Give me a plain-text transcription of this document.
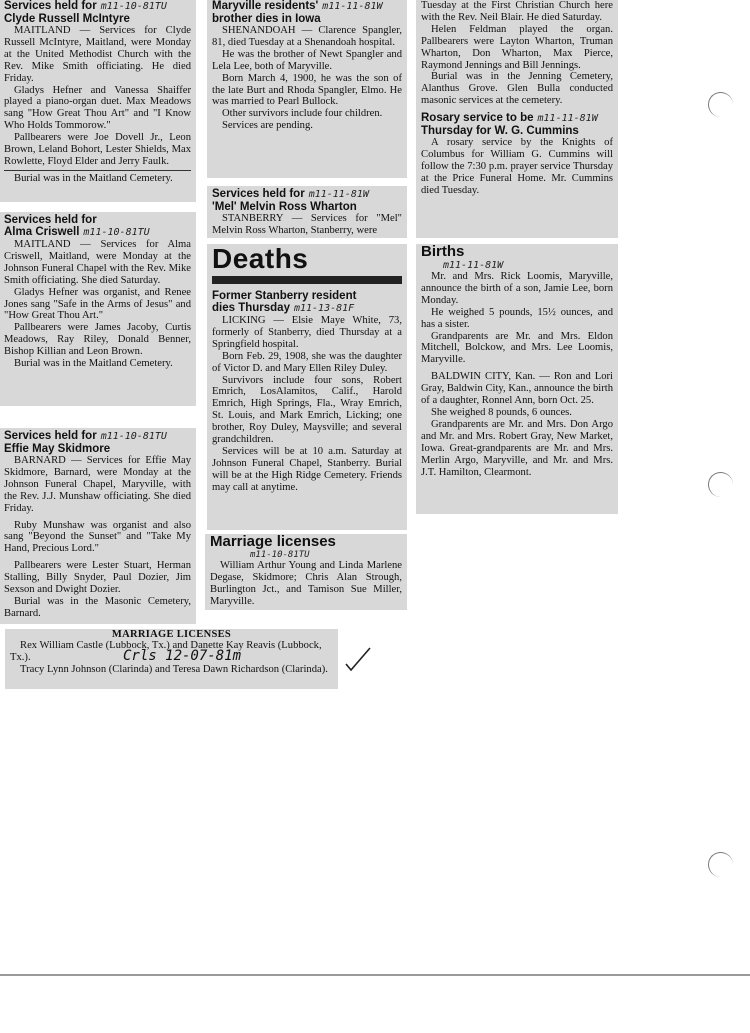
Services held for m11-10-81TU
Clyde Russell McIntyre

MAITLAND — Services for Clyde Russell McIntyre, Maitland, were Monday at the United Methodist Church with the Rev. Mike Smith officiating. He died Friday.

Gladys Hefner and Vanessa Shaiffer played a piano-organ duet. Max Meadows sang "How Great Thou Art" and "I Know Who Holds Tommorow."

Pallbearers were Joe Dovell Jr., Leon Brown, Leland Bohort, Lester Shields, Max Rowlette, Floyd Elder and Jerry Faulk.

Burial was in the Maitland Cemetery.

Services held for
Alma Criswell m11-10-81TU

MAITLAND — Services for Alma Criswell, Maitland, were Monday at the Johnson Funeral Chapel with the Rev. Mike Smith officiating. She died Saturday.

Gladys Hefner was organist, and Renee Jones sang "Safe in the Arms of Jesus" and "How Great Thou Art."

Pallbearers were James Jacoby, Curtis Meadows, Ray Riley, Donald Benner, Bishop Killian and Leon Brown.

Burial was in the Maitland Cemetery.

Services held for m11-10-81TU
Effie May Skidmore

BARNARD — Services for Effie May Skidmore, Barnard, were Monday at the Johnson Funeral Chapel, Maryville, with the Rev. J.J. Munshaw officiating. She died Friday.

Ruby Munshaw was organist and also sang "Beyond the Sunset" and "Take My Hand, Precious Lord."

Pallbearers were Lester Stuart, Herman Stalling, Billy Snyder, Paul Dozier, Jim Sexson and Dwight Dozier.

Burial was in the Masonic Cemetery, Barnard.

Maryville residents' m11-11-81W
brother dies in Iowa

SHENANDOAH — Clarence Spangler, 81, died Tuesday at a Shenandoah hospital.

He was the brother of Newt Spangler and Lela Lee, both of Maryville.

Born March 4, 1900, he was the son of the late Burt and Rhoda Spangler, Elmo. He was married to Pearl Bullock.

Other survivors include four children.

Services are pending.

Services held for m11-11-81W
'Mel' Melvin Ross Wharton

STANBERRY — Services for "Mel" Melvin Ross Wharton, Stanberry, were

Deaths
Former Stanberry resident
dies Thursday m11-13-81F

LICKING — Elsie Maye White, 73, formerly of Stanberry, died Thursday at a Springfield hospital.

Born Feb. 29, 1908, she was the daughter of Victor D. and Mary Ellen Riley Duley.

Survivors include four sons, Robert Emrich, LosAlamitos, Calif., Harold Emrich, High Springs, Fla., Wray Emrich, St. Louis, and Mark Emrich, Licking; one brother, Roy Duley, Maysville; and several grandchildren.

Services will be at 10 a.m. Saturday at Johnson Funeral Chapel, Stanberry. Burial will be at the High Ridge Cemetery. Friends may call at anytime.

Marriage licenses
m11-10-81TU

William Arthur Young and Linda Marlene Degase, Skidmore; Chris Alan Strough, Burlington Jct., and Tamison Sue Miller, Maryville.

Tuesday at the First Christian Church here with the Rev. Neil Blair. He died Saturday.

Helen Feldman played the organ. Pallbearers were Layton Wharton, Truman Wharton, Don Wharton, Max Pierce, Raymond Jennings and Bill Jennings.

Burial was in the Jenning Cemetery, Alanthus Grove. Glen Bulla conducted masonic services at the cemetery.

Rosary service to be m11-11-81W
Thursday for W. G. Cummins

A rosary service by the Knights of Columbus for William G. Cummins will follow the 7:30 p.m. prayer service Thursday at the Price Funeral Home. Mr. Cummins died Tuesday.

Births
m11-11-81W

Mr. and Mrs. Rick Loomis, Maryville, announce the birth of a son, Jamie Lee, born Monday.

He weighed 5 pounds, 15½ ounces, and has a sister.

Grandparents are Mr. and Mrs. Eldon Mitchell, Bolckow, and Mrs. Lee Loomis, Maryville.

BALDWIN CITY, Kan. — Ron and Lori Gray, Baldwin City, Kan., announce the birth of a daughter, Ronnel Ann, born Oct. 25.

She weighed 8 pounds, 6 ounces.

Grandparents are Mr. and Mrs. Don Argo and Mr. and Mrs. Robert Gray, New Market, Iowa. Great-grandparents are Mr. and Mrs. Merlin Argo, Maryville, and Mr. and Mrs. J.T. Hamilton, Clearmont.

MARRIAGE LICENSES

Rex William Castle (Lubbock, Tx.) and Danette Kay Reavis (Lubbock, Tx.).	Crls 12-07-81m

Tracy Lynn Johnson (Clarinda) and Teresa Dawn Richardson (Clarinda).
